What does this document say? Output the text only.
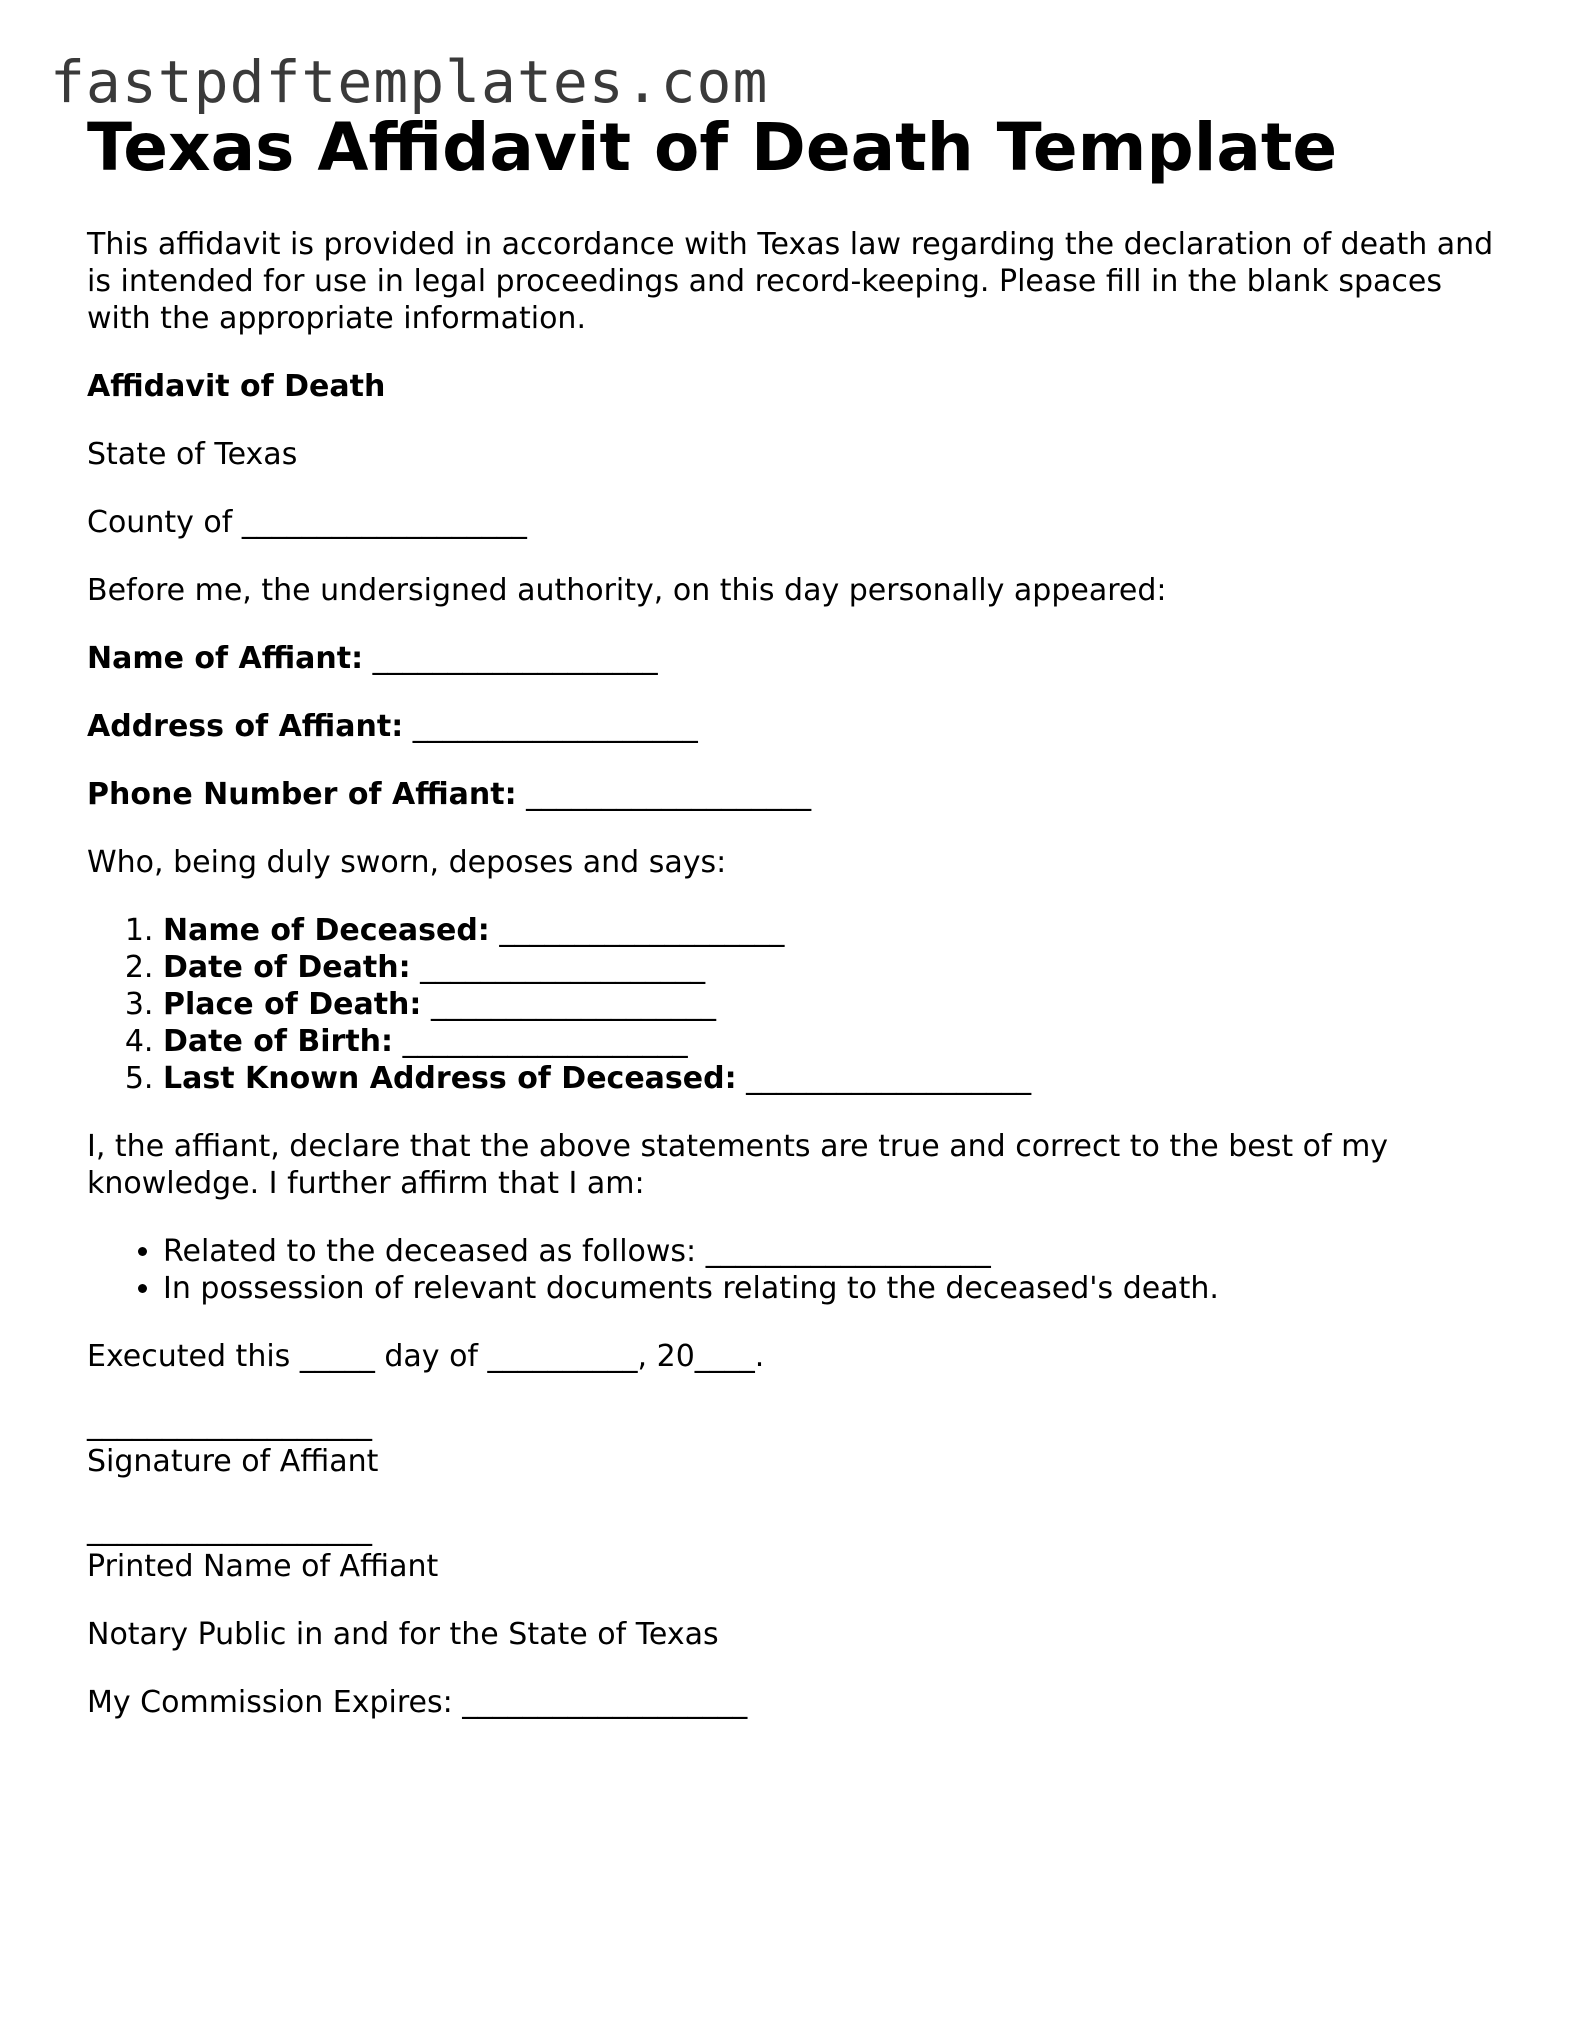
fastpdftemplates.com
Texas Affidavit of Death Template

This affidavit is provided in accordance with Texas law regarding the declaration of death and is intended for use in legal proceedings and record-keeping. Please fill in the blank spaces with the appropriate information.

Affidavit of Death

State of Texas

County of ___________________

Before me, the undersigned authority, on this day personally appeared:

Name of Affiant: ___________________

Address of Affiant: ___________________

Phone Number of Affiant: ___________________

Who, being duly sworn, deposes and says:

1. Name of Deceased: ___________________
2. Date of Death: ___________________
3. Place of Death: ___________________
4. Date of Birth: ___________________
5. Last Known Address of Deceased: ___________________

I, the affiant, declare that the above statements are true and correct to the best of my knowledge. I further affirm that I am:

• Related to the deceased as follows: ___________________
• In possession of relevant documents relating to the deceased's death.

Executed this _____ day of __________, 20____.

___________________
Signature of Affiant
___________________
Printed Name of Affiant

Notary Public in and for the State of Texas

My Commission Expires: ___________________
